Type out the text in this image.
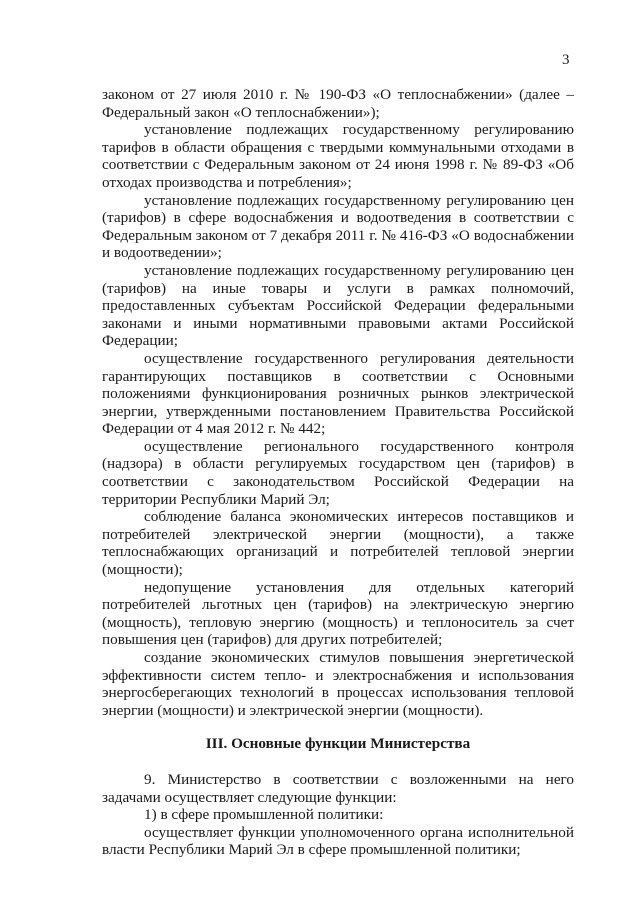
3

законом от 27 июля 2010 г. № 190-ФЗ «О теплоснабжении» (далее – Федеральный закон «О теплоснабжении»);

установление подлежащих государственному регулированию тарифов в области обращения с твердыми коммунальными отходами в соответствии с Федеральным законом от 24 июня 1998 г. № 89-ФЗ «Об отходах производства и потребления»;

установление подлежащих государственному регулированию цен (тарифов) в сфере водоснабжения и водоотведения в соответствии с Федеральным законом от 7 декабря 2011 г. № 416-ФЗ «О водоснабжении и водоотведении»;

установление подлежащих государственному регулированию цен (тарифов) на иные товары и услуги в рамках полномочий, предоставленных субъектам Российской Федерации федеральными законами и иными нормативными правовыми актами Российской Федерации;

осуществление государственного регулирования деятельности гарантирующих поставщиков в соответствии с Основными положениями функционирования розничных рынков электрической энергии, утвержденными постановлением Правительства Российской Федерации от 4 мая 2012 г. № 442;

осуществление регионального государственного контроля (надзора) в области регулируемых государством цен (тарифов) в соответствии с законодательством Российской Федерации на территории Республики Марий Эл;

соблюдение баланса экономических интересов поставщиков и потребителей электрической энергии (мощности), а также теплоснабжающих организаций и потребителей тепловой энергии (мощности);

недопущение установления для отдельных категорий потребителей льготных цен (тарифов) на электрическую энергию (мощность), тепловую энергию (мощность) и теплоноситель за счет повышения цен (тарифов) для других потребителей;

создание экономических стимулов повышения энергетической эффективности систем тепло- и электроснабжения и использования энергосберегающих технологий в процессах использования тепловой энергии (мощности) и электрической энергии (мощности).

III. Основные функции Министерства

9. Министерство в соответствии с возложенными на него задачами осуществляет следующие функции:

1) в сфере промышленной политики:

осуществляет функции уполномоченного органа исполнительной власти Республики Марий Эл в сфере промышленной политики;
